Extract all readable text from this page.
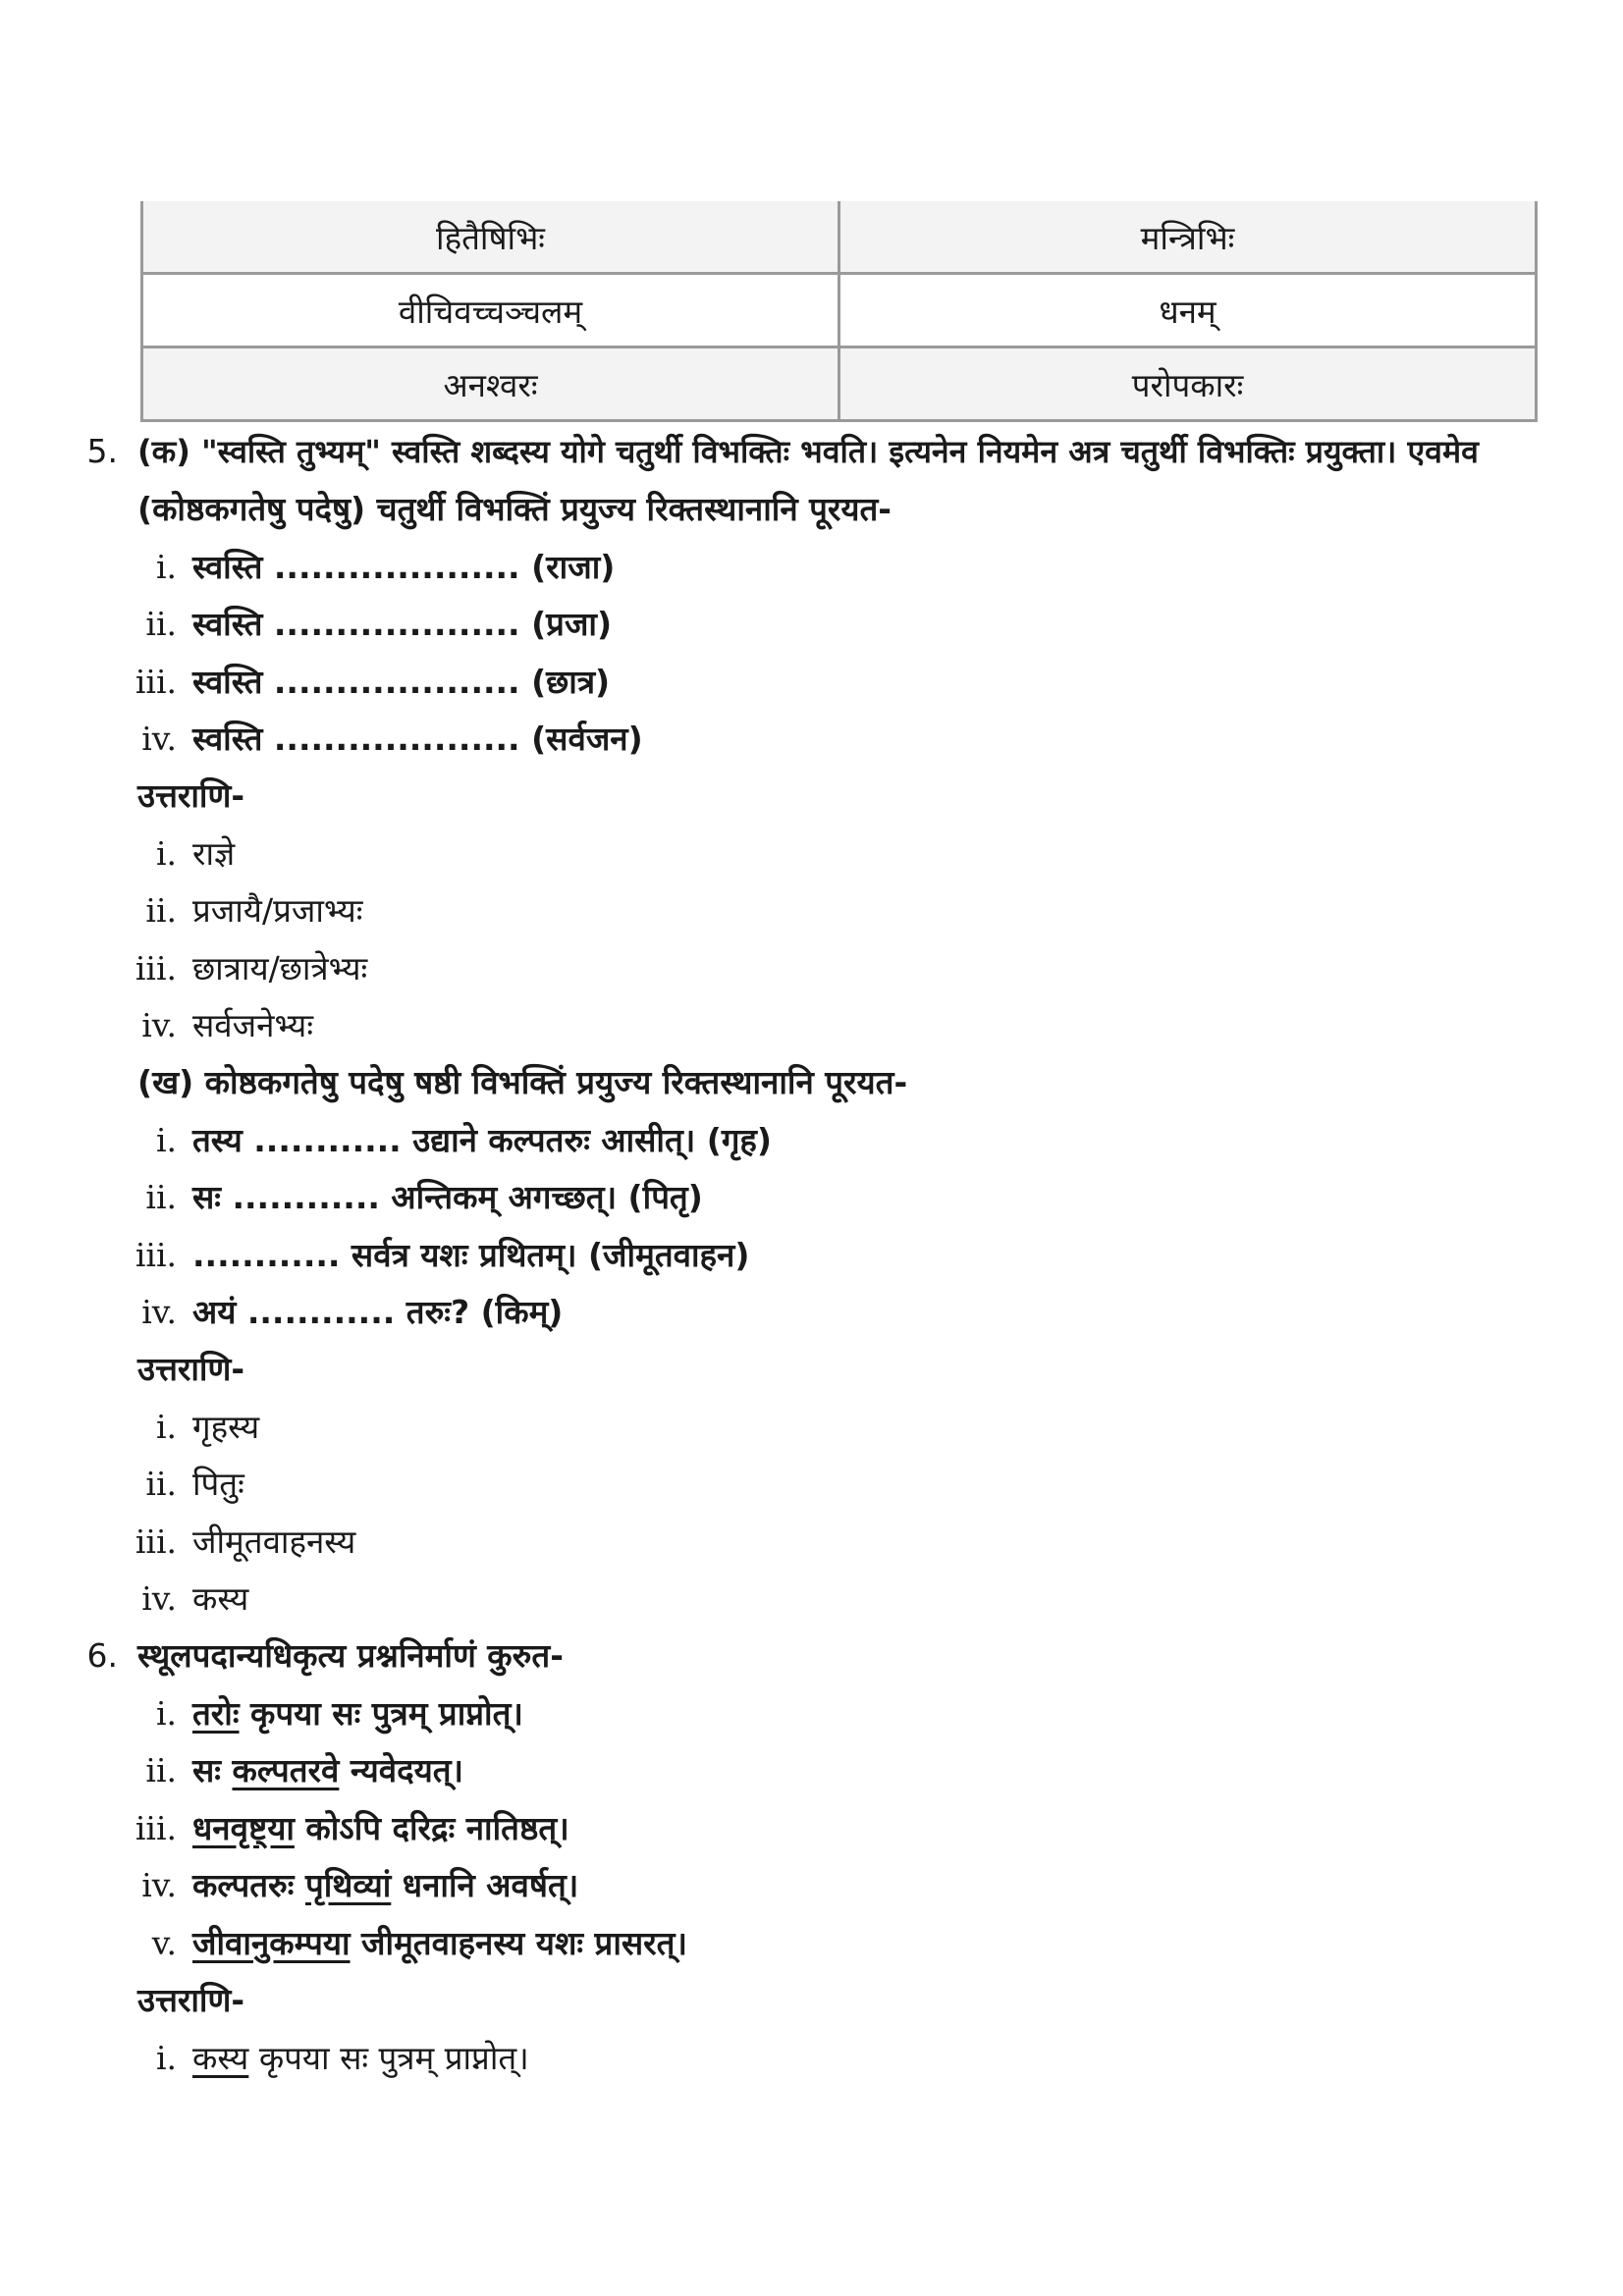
हितैषिभिः	मन्त्रिभिः
वीचिवच्चञ्चलम्	धनम्
अनश्वरः	परोपकारः
5. (क) "स्वस्ति तुभ्यम्" स्वस्ति शब्दस्य योगे चतुर्थी विभक्तिः भवति। इत्यनेन नियमेन अत्र चतुर्थी विभक्तिः प्रयुक्ता। एवमेव
(कोष्ठकगतेषु पदेषु) चतुर्थी विभक्तिं प्रयुज्य रिक्तस्थानानि पूरयत-
i. स्वस्ति .................... (राजा)
ii. स्वस्ति .................... (प्रजा)
iii. स्वस्ति .................... (छात्र)
iv. स्वस्ति .................... (सर्वजन)
उत्तराणि-
i. राज्ञे
ii. प्रजायै/प्रजाभ्यः
iii. छात्राय/छात्रेभ्यः
iv. सर्वजनेभ्यः
(ख) कोष्ठकगतेषु पदेषु षष्ठी विभक्तिं प्रयुज्य रिक्तस्थानानि पूरयत-
i. तस्य ............ उद्याने कल्पतरुः आसीत्। (गृह)
ii. सः ............ अन्तिकम् अगच्छत्। (पितृ)
iii. ............ सर्वत्र यशः प्रथितम्। (जीमूतवाहन)
iv. अयं ............ तरुः? (किम्)
उत्तराणि-
i. गृहस्य
ii. पितुः
iii. जीमूतवाहनस्य
iv. कस्य
6. स्थूलपदान्यधिकृत्य प्रश्ननिर्माणं कुरुत-
i. तरोः कृपया सः पुत्रम् प्राप्नोत्।
ii. सः कल्पतरवे न्यवेदयत्।
iii. धनवृष्ट्या कोऽपि दरिद्रः नातिष्ठत्।
iv. कल्पतरुः पृथिव्यां धनानि अवर्षत्।
v. जीवानुकम्पया जीमूतवाहनस्य यशः प्रासरत्।
उत्तराणि-
i. कस्य कृपया सः पुत्रम् प्राप्नोत्।
